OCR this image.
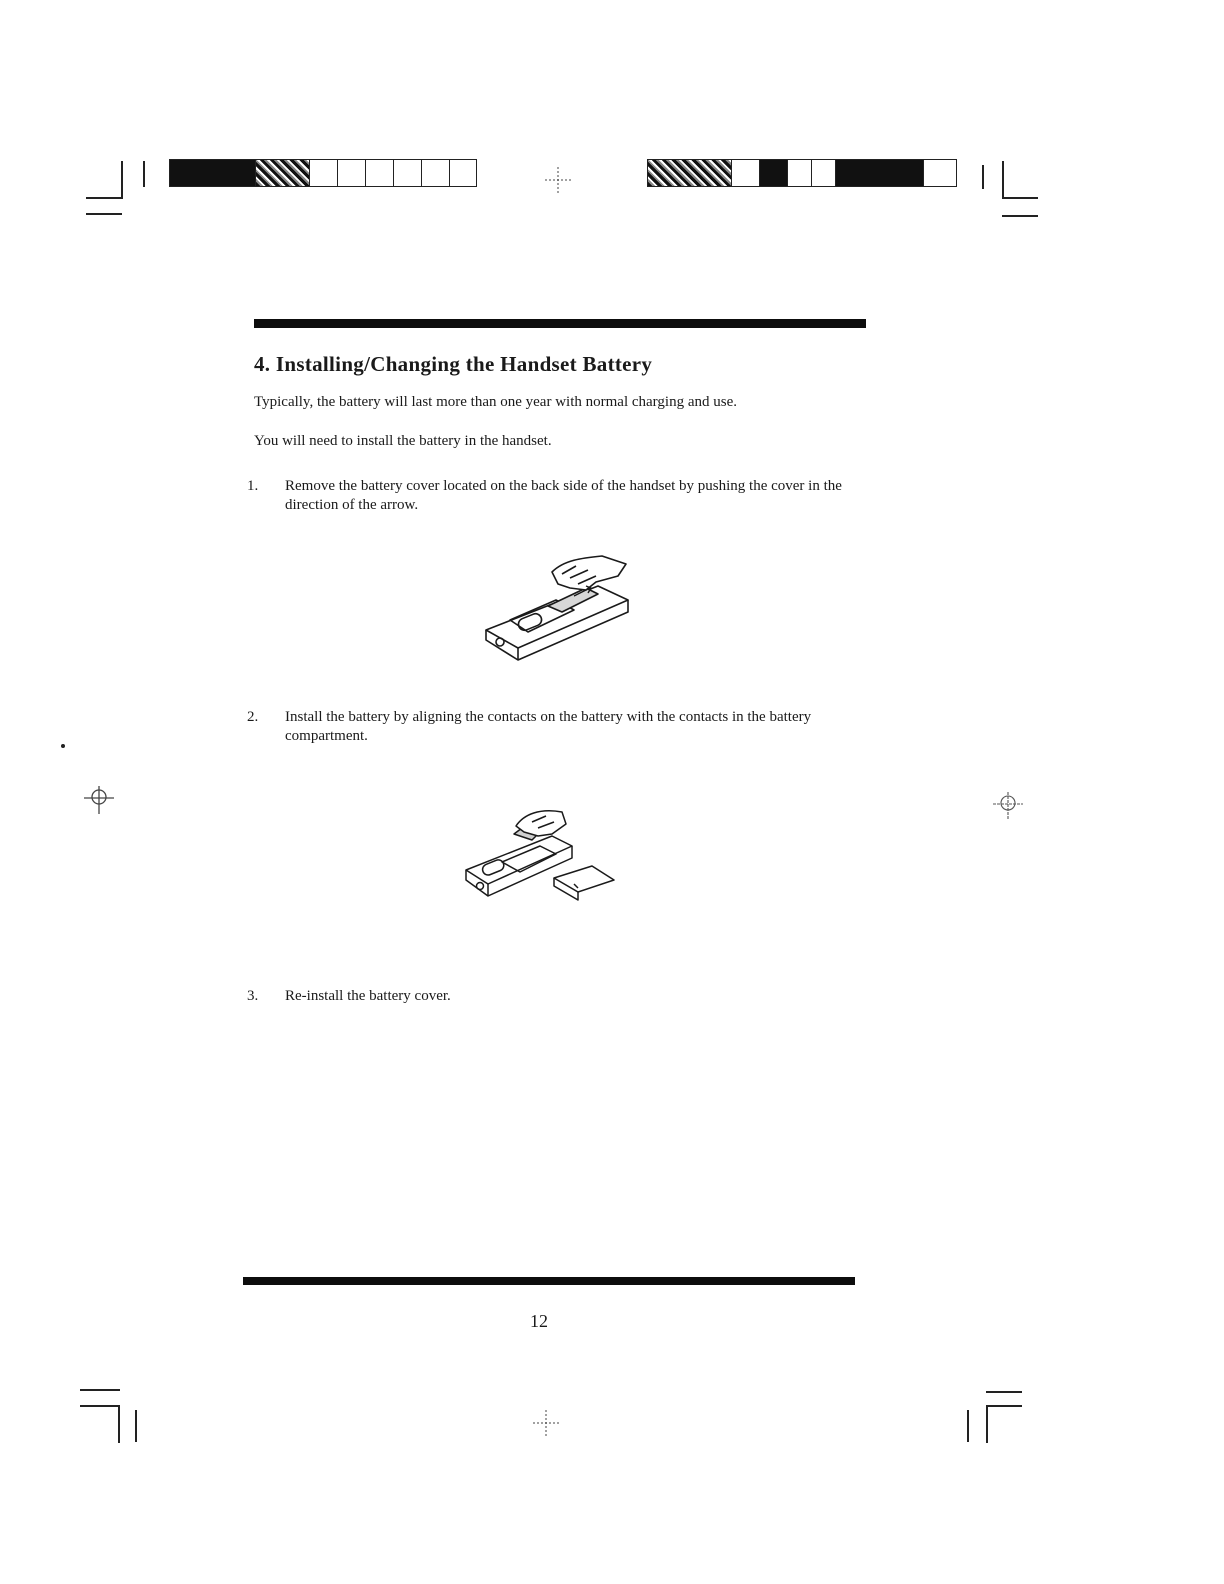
4. Installing/Changing the Handset Battery

Typically, the battery will last more than one year with normal charging and use.

You will need to install the battery in the handset.

1.	Remove the battery cover located on the back side of the handset by pushing the cover in the direction of the arrow.
2.	Install the battery by aligning the contacts on the battery with the contacts in the battery compartment.
3.	Re-install the battery cover.
12
